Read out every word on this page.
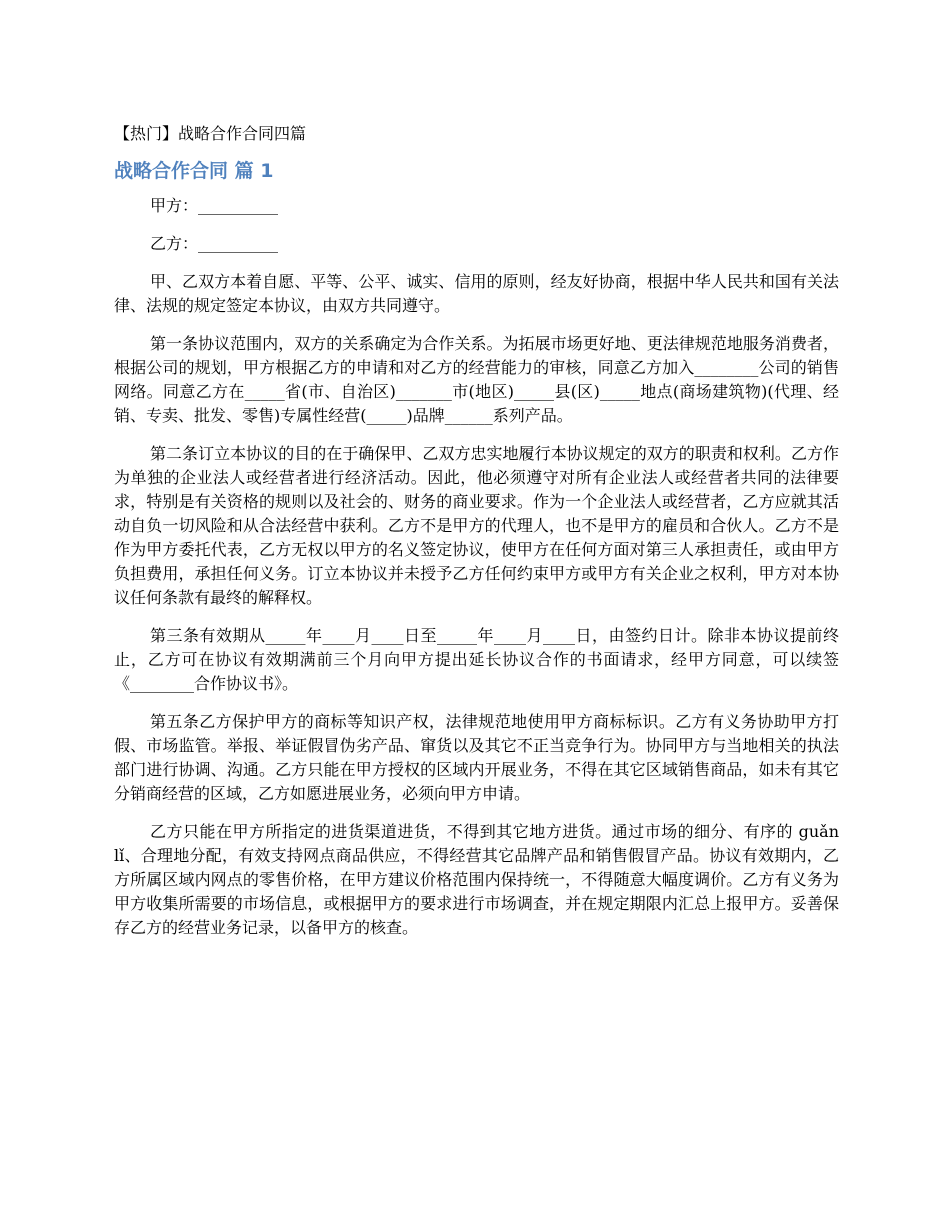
【热门】战略合作合同四篇
战略合作合同 篇 1

甲方：__________

乙方：__________

甲、乙双方本着自愿、平等、公平、诚实、信用的原则，经友好协商，根据中华人民共和国有关法律、法规的规定签定本协议，由双方共同遵守。

第一条协议范围内，双方的关系确定为合作关系。为拓展市场更好地、更法律规范地服务消费者，根据公司的规划，甲方根据乙方的申请和对乙方的经营能力的审核，同意乙方加入________公司的销售网络。同意乙方在_____省(市、自治区)_______市(地区)_____县(区)_____地点(商场建筑物)(代理、经销、专卖、批发、零售)专属性经营(_____)品牌______系列产品。

第二条订立本协议的目的在于确保甲、乙双方忠实地履行本协议规定的双方的职责和权利。乙方作为单独的企业法人或经营者进行经济活动。因此，他必须遵守对所有企业法人或经营者共同的法律要求，特别是有关资格的规则以及社会的、财务的商业要求。作为一个企业法人或经营者，乙方应就其活动自负一切风险和从合法经营中获利。乙方不是甲方的代理人，也不是甲方的雇员和合伙人。乙方不是作为甲方委托代表，乙方无权以甲方的名义签定协议，使甲方在任何方面对第三人承担责任，或由甲方负担费用，承担任何义务。订立本协议并未授予乙方任何约束甲方或甲方有关企业之权利，甲方对本协议任何条款有最终的解释权。

第三条有效期从_____年____月____日至_____年____月____日，由签约日计。除非本协议提前终止，乙方可在协议有效期满前三个月向甲方提出延长协议合作的书面请求，经甲方同意，可以续签《________合作协议书》。

第五条乙方保护甲方的商标等知识产权，法律规范地使用甲方商标标识。乙方有义务协助甲方打假、市场监管。举报、举证假冒伪劣产品、窜货以及其它不正当竞争行为。协同甲方与当地相关的执法部门进行协调、沟通。乙方只能在甲方授权的区域内开展业务，不得在其它区域销售商品，如未有其它分销商经营的区域，乙方如愿进展业务，必须向甲方申请。

乙方只能在甲方所指定的进货渠道进货，不得到其它地方进货。通过市场的细分、有序的 guǎn lǐ、合理地分配，有效支持网点商品供应，不得经营其它品牌产品和销售假冒产品。协议有效期内，乙方所属区域内网点的零售价格，在甲方建议价格范围内保持统一，不得随意大幅度调价。乙方有义务为甲方收集所需要的市场信息，或根据甲方的要求进行市场调查，并在规定期限内汇总上报甲方。妥善保存乙方的经营业务记录，以备甲方的核查。
